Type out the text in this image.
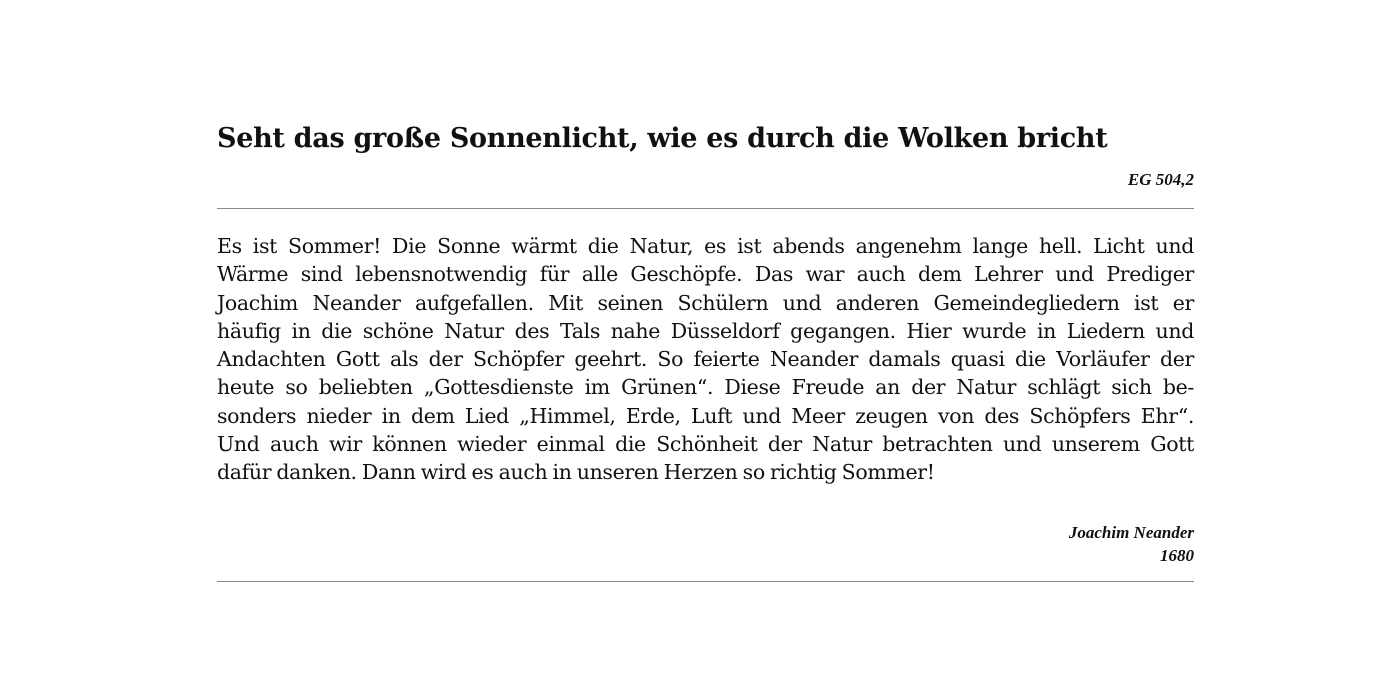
Seht das große Sonnenlicht, wie es durch die Wolken bricht
EG 504,2
Es ist Sommer! Die Sonne wärmt die Natur, es ist abends angenehm lange hell. Licht und
Wärme sind lebensnotwendig für alle Geschöpfe. Das war auch dem Lehrer und Prediger
Joachim Neander aufgefallen. Mit seinen Schülern und anderen Gemeindegliedern ist er
häufig in die schöne Natur des Tals nahe Düsseldorf gegangen. Hier wurde in Liedern und
Andachten Gott als der Schöpfer geehrt. So feierte Neander damals quasi die Vorläufer der
heute so beliebten „Gottesdienste im Grünen“. Diese Freude an der Natur schlägt sich be-
sonders nieder in dem Lied „Himmel, Erde, Luft und Meer zeugen von des Schöpfers Ehr“.
Und auch wir können wieder einmal die Schönheit der Natur betrachten und unserem Gott
dafür danken. Dann wird es auch in unseren Herzen so richtig Sommer!
Joachim Neander
1680
